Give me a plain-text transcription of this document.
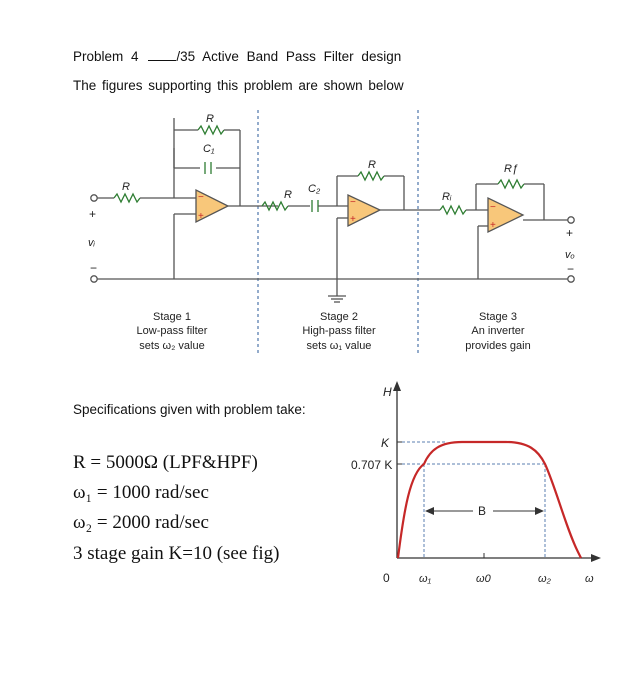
Problem 4	/35 Active Band Pass Filter design
The figures supporting this problem are shown below
−
+
−
+
−
+
R
C₁
R
R C₂
R
Rᵢ
Rƒ
+
vᵢ
−
+
vₒ
−
Stage 1
Low-pass filter
sets ω₂ value
Stage 2
High-pass filter
sets ω₁ value
Stage 3
An inverter
provides gain
Specifications given with problem take:
R = 5000Ω (LPF&HPF)
ω₁ = 1000 rad/sec
ω₂ = 2000 rad/sec
3 stage gain K=10 (see fig)
H
K
0.707 K
0	ω₁	ω0	ω₂	ω
B
